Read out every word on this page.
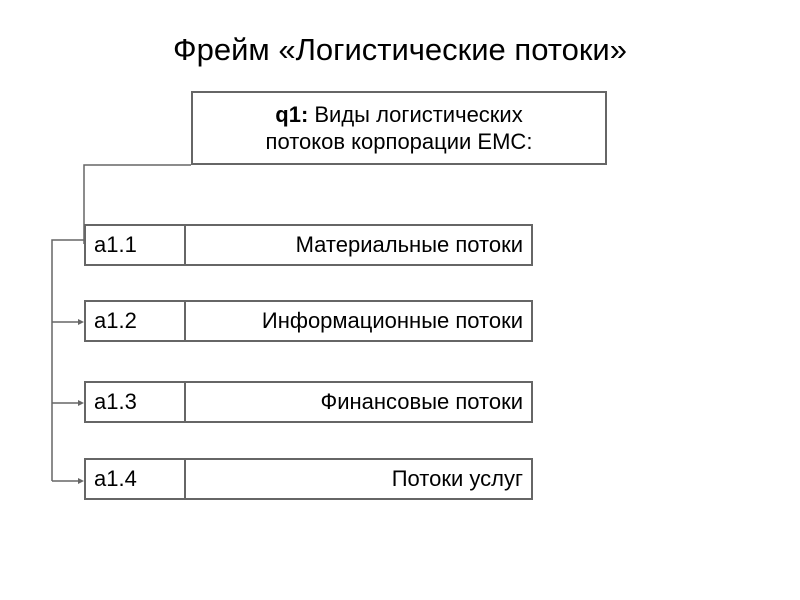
Фрейм «Логистические потоки»
q1: Виды логистических
потоков корпорации ЕМС:
а1.1	Материальные потоки
а1.2	Информационные потоки
а1.3	Финансовые потоки
а1.4	Потоки услуг
